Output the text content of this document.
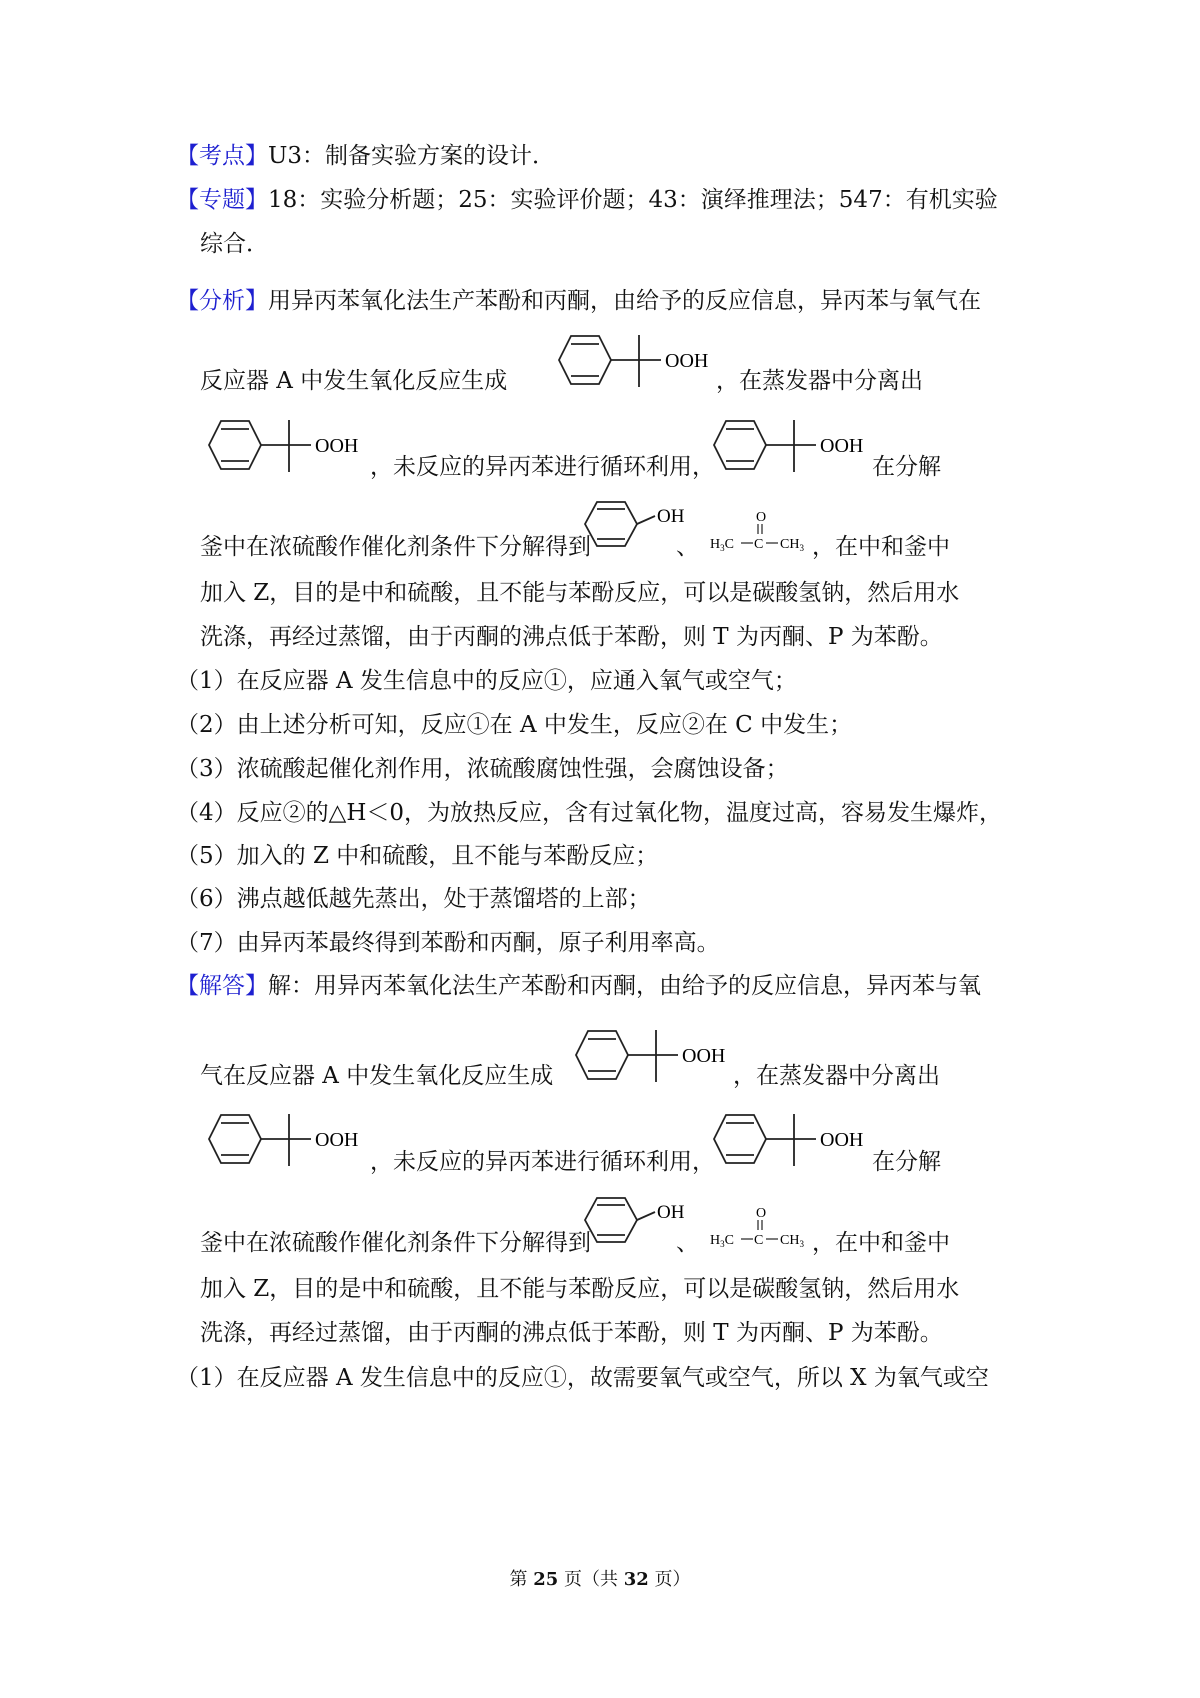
【考点】U3：制备实验方案的设计．
【专题】18：实验分析题；25：实验评价题；43：演绎推理法；547：有机实验
综合．
【分析】用异丙苯氧化法生产苯酚和丙酮，由给予的反应信息，异丙苯与氧气在
反应器 A 中发生氧化反应生成	，在蒸发器中分离出
，未反应的异丙苯进行循环利用，	在分解
釜中在浓硫酸作催化剂条件下分解得到	、	，在中和釜中
加入 Z，目的是中和硫酸，且不能与苯酚反应，可以是碳酸氢钠，然后用水
洗涤，再经过蒸馏，由于丙酮的沸点低于苯酚，则 T 为丙酮、P 为苯酚。
（1）在反应器 A 发生信息中的反应①，应通入氧气或空气；
（2）由上述分析可知，反应①在 A 中发生，反应②在 C 中发生；
（3）浓硫酸起催化剂作用，浓硫酸腐蚀性强，会腐蚀设备；
（4）反应②的△H＜0，为放热反应，含有过氧化物，温度过高，容易发生爆炸，
（5）加入的 Z 中和硫酸，且不能与苯酚反应；
（6）沸点越低越先蒸出，处于蒸馏塔的上部；
（7）由异丙苯最终得到苯酚和丙酮，原子利用率高。
【解答】解：用异丙苯氧化法生产苯酚和丙酮，由给予的反应信息，异丙苯与氧
气在反应器 A 中发生氧化反应生成	，在蒸发器中分离出
，未反应的异丙苯进行循环利用，	在分解
釜中在浓硫酸作催化剂条件下分解得到	、	，在中和釜中
加入 Z，目的是中和硫酸，且不能与苯酚反应，可以是碳酸氢钠，然后用水
洗涤，再经过蒸馏，由于丙酮的沸点低于苯酚，则 T 为丙酮、P 为苯酚。
（1）在反应器 A 发生信息中的反应①，故需要氧气或空气，所以 X 为氧气或空
OOH
OOH	OOH
OH	O
$H_3C$ C $CH_3$
OOH
OOH	OOH
OH	O
$H_3C$ C $CH_3$
第 25 页（共 32 页）
